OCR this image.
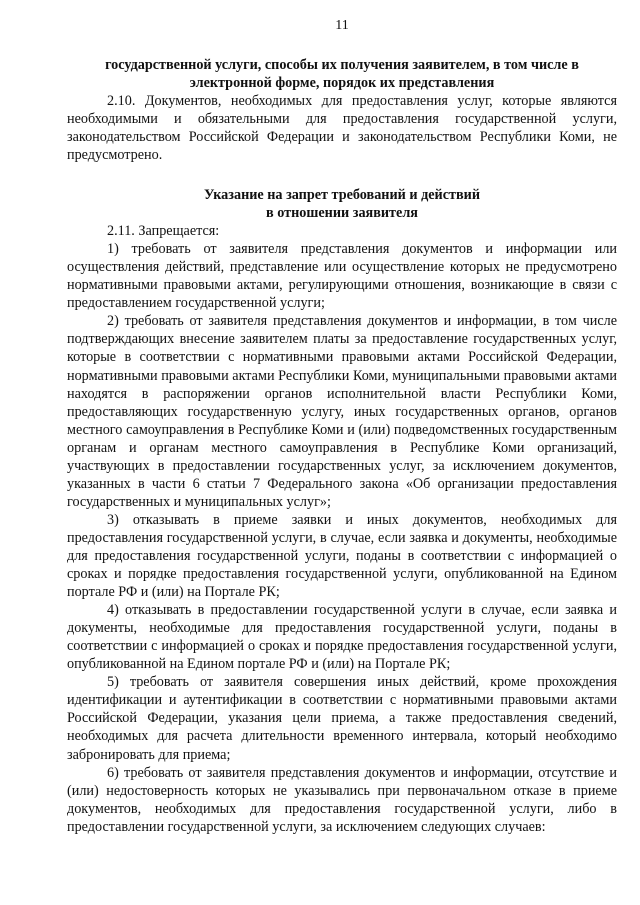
11

государственной услуги, способы их получения заявителем, в том числе в

электронной форме, порядок их представления

2.10. Документов, необходимых для предоставления услуг, которые являются необходимыми и обязательными для предоставления государственной услуги, законодательством Российской Федерации и законодательством Республики Коми, не предусмотрено.

Указание на запрет требований и действий

в отношении заявителя

2.11. Запрещается:

1) требовать от заявителя представления документов и информации или осуществления действий, представление или осуществление которых не предусмотрено нормативными правовыми актами, регулирующими отношения, возникающие в связи с предоставлением государственной услуги;

2) требовать от заявителя представления документов и информации, в том числе подтверждающих внесение заявителем платы за предоставление государственных услуг, которые в соответствии с нормативными правовыми актами Российской Федерации, нормативными правовыми актами Республики Коми, муниципальными правовыми актами находятся в распоряжении органов исполнительной власти Республики Коми, предоставляющих государственную услугу, иных государственных органов, органов местного самоуправления в Республике Коми и (или) подведомственных государственным органам и органам местного самоуправления в Республике Коми организаций, участвующих в предоставлении государственных услуг, за исключением документов, указанных в части 6 статьи 7 Федерального закона «Об организации предоставления государственных и муниципальных услуг»;

3) отказывать в приеме заявки и иных документов, необходимых для предоставления государственной услуги, в случае, если заявка и документы, необходимые для предоставления государственной услуги, поданы в соответствии с информацией о сроках и порядке предоставления государственной услуги, опубликованной на Едином портале РФ и (или) на Портале РК;

4) отказывать в предоставлении государственной услуги в случае, если заявка и документы, необходимые для предоставления государственной услуги, поданы в соответствии с информацией о сроках и порядке предоставления государственной услуги, опубликованной на Едином портале РФ и (или) на Портале РК;

5) требовать от заявителя совершения иных действий, кроме прохождения идентификации и аутентификации в соответствии с нормативными правовыми актами Российской Федерации, указания цели приема, а также предоставления сведений, необходимых для расчета длительности временного интервала, который необходимо забронировать для приема;

6) требовать от заявителя представления документов и информации, отсутствие и (или) недостоверность которых не указывались при первоначальном отказе в приеме документов, необходимых для предоставления государственной услуги, либо в предоставлении государственной услуги, за исключением следующих случаев:
